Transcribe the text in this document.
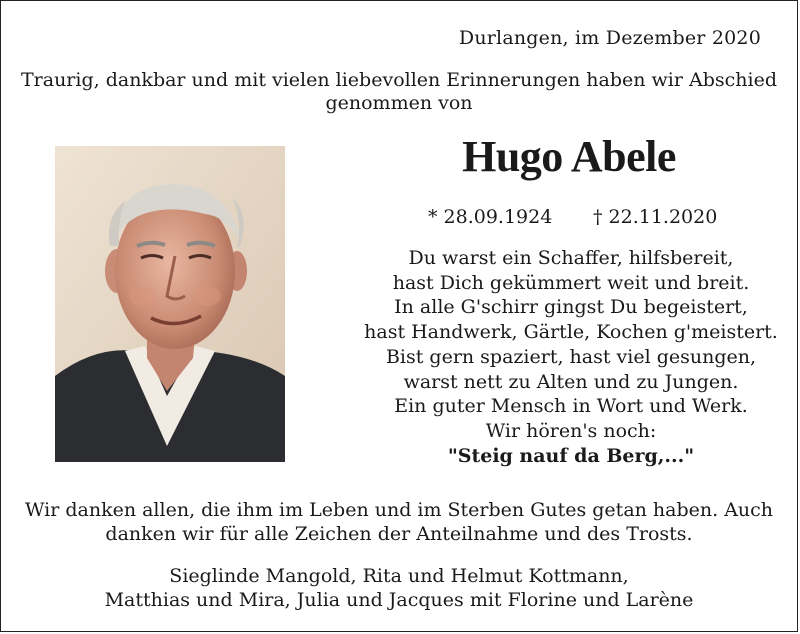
Durlangen, im Dezember 2020
Traurig, dankbar und mit vielen liebevollen Erinnerungen haben wir Abschied
genommen von
Hugo Abele
* 28.09.1924 † 22.11.2020
Du warst ein Schaffer, hilfsbereit,
hast Dich gekümmert weit und breit.
In alle G'schirr gingst Du begeistert,
hast Handwerk, Gärtle, Kochen g'meistert.
Bist gern spaziert, hast viel gesungen,
warst nett zu Alten und zu Jungen.
Ein guter Mensch in Wort und Werk.
Wir hören's noch:
"Steig nauf da Berg,..."
Wir danken allen, die ihm im Leben und im Sterben Gutes getan haben. Auch
danken wir für alle Zeichen der Anteilnahme und des Trosts.
Sieglinde Mangold, Rita und Helmut Kottmann,
Matthias und Mira, Julia und Jacques mit Florine und Larène
